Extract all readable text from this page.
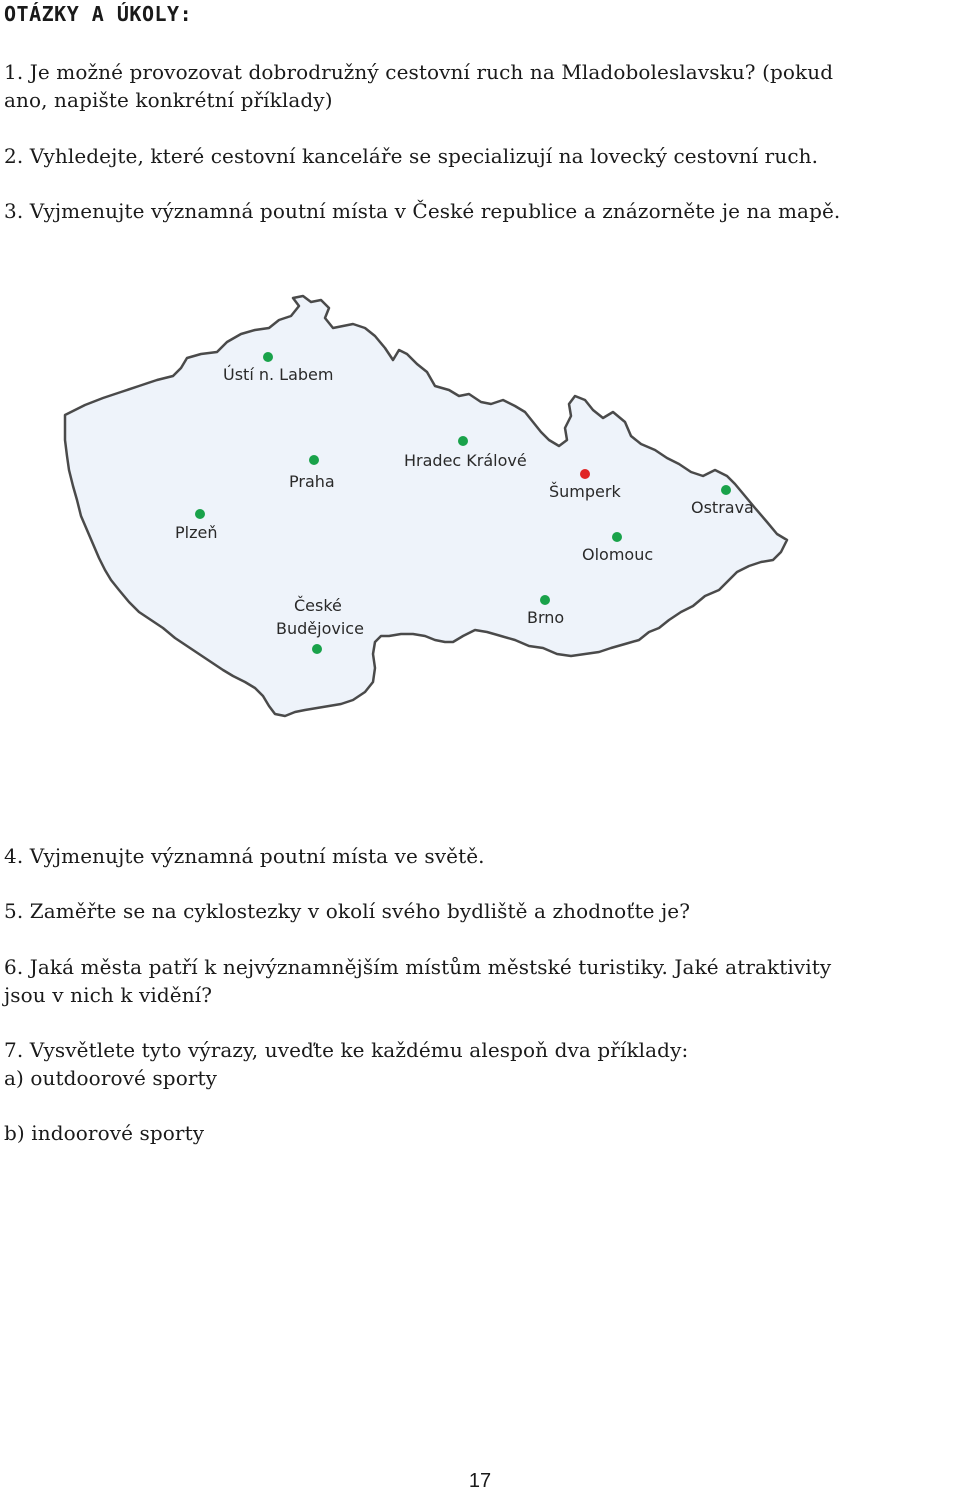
OTÁZKY A ÚKOLY:
1. Je možné provozovat dobrodružný cestovní ruch na Mladoboleslavsku? (pokud
ano, napište konkrétní příklady)
2. Vyhledejte, které cestovní kanceláře se specializují na lovecký cestovní ruch.
3. Vyjmenujte významná poutní místa v České republice a znázorněte je na mapě.
Ústí n. Labem
Hradec Králové
Praha
Šumperk
Ostrava
Plzeň
Olomouc
České
Budějovice
Brno
4. Vyjmenujte významná poutní místa ve světě.
5. Zaměřte se na cyklostezky v okolí svého bydliště a zhodnoťte je?
6. Jaká města patří k nejvýznamnějším místům městské turistiky. Jaké atraktivity
jsou v nich k vidění?
7. Vysvětlete tyto výrazy, uveďte ke každému alespoň dva příklady:
a) outdoorové sporty
b) indoorové sporty
17
